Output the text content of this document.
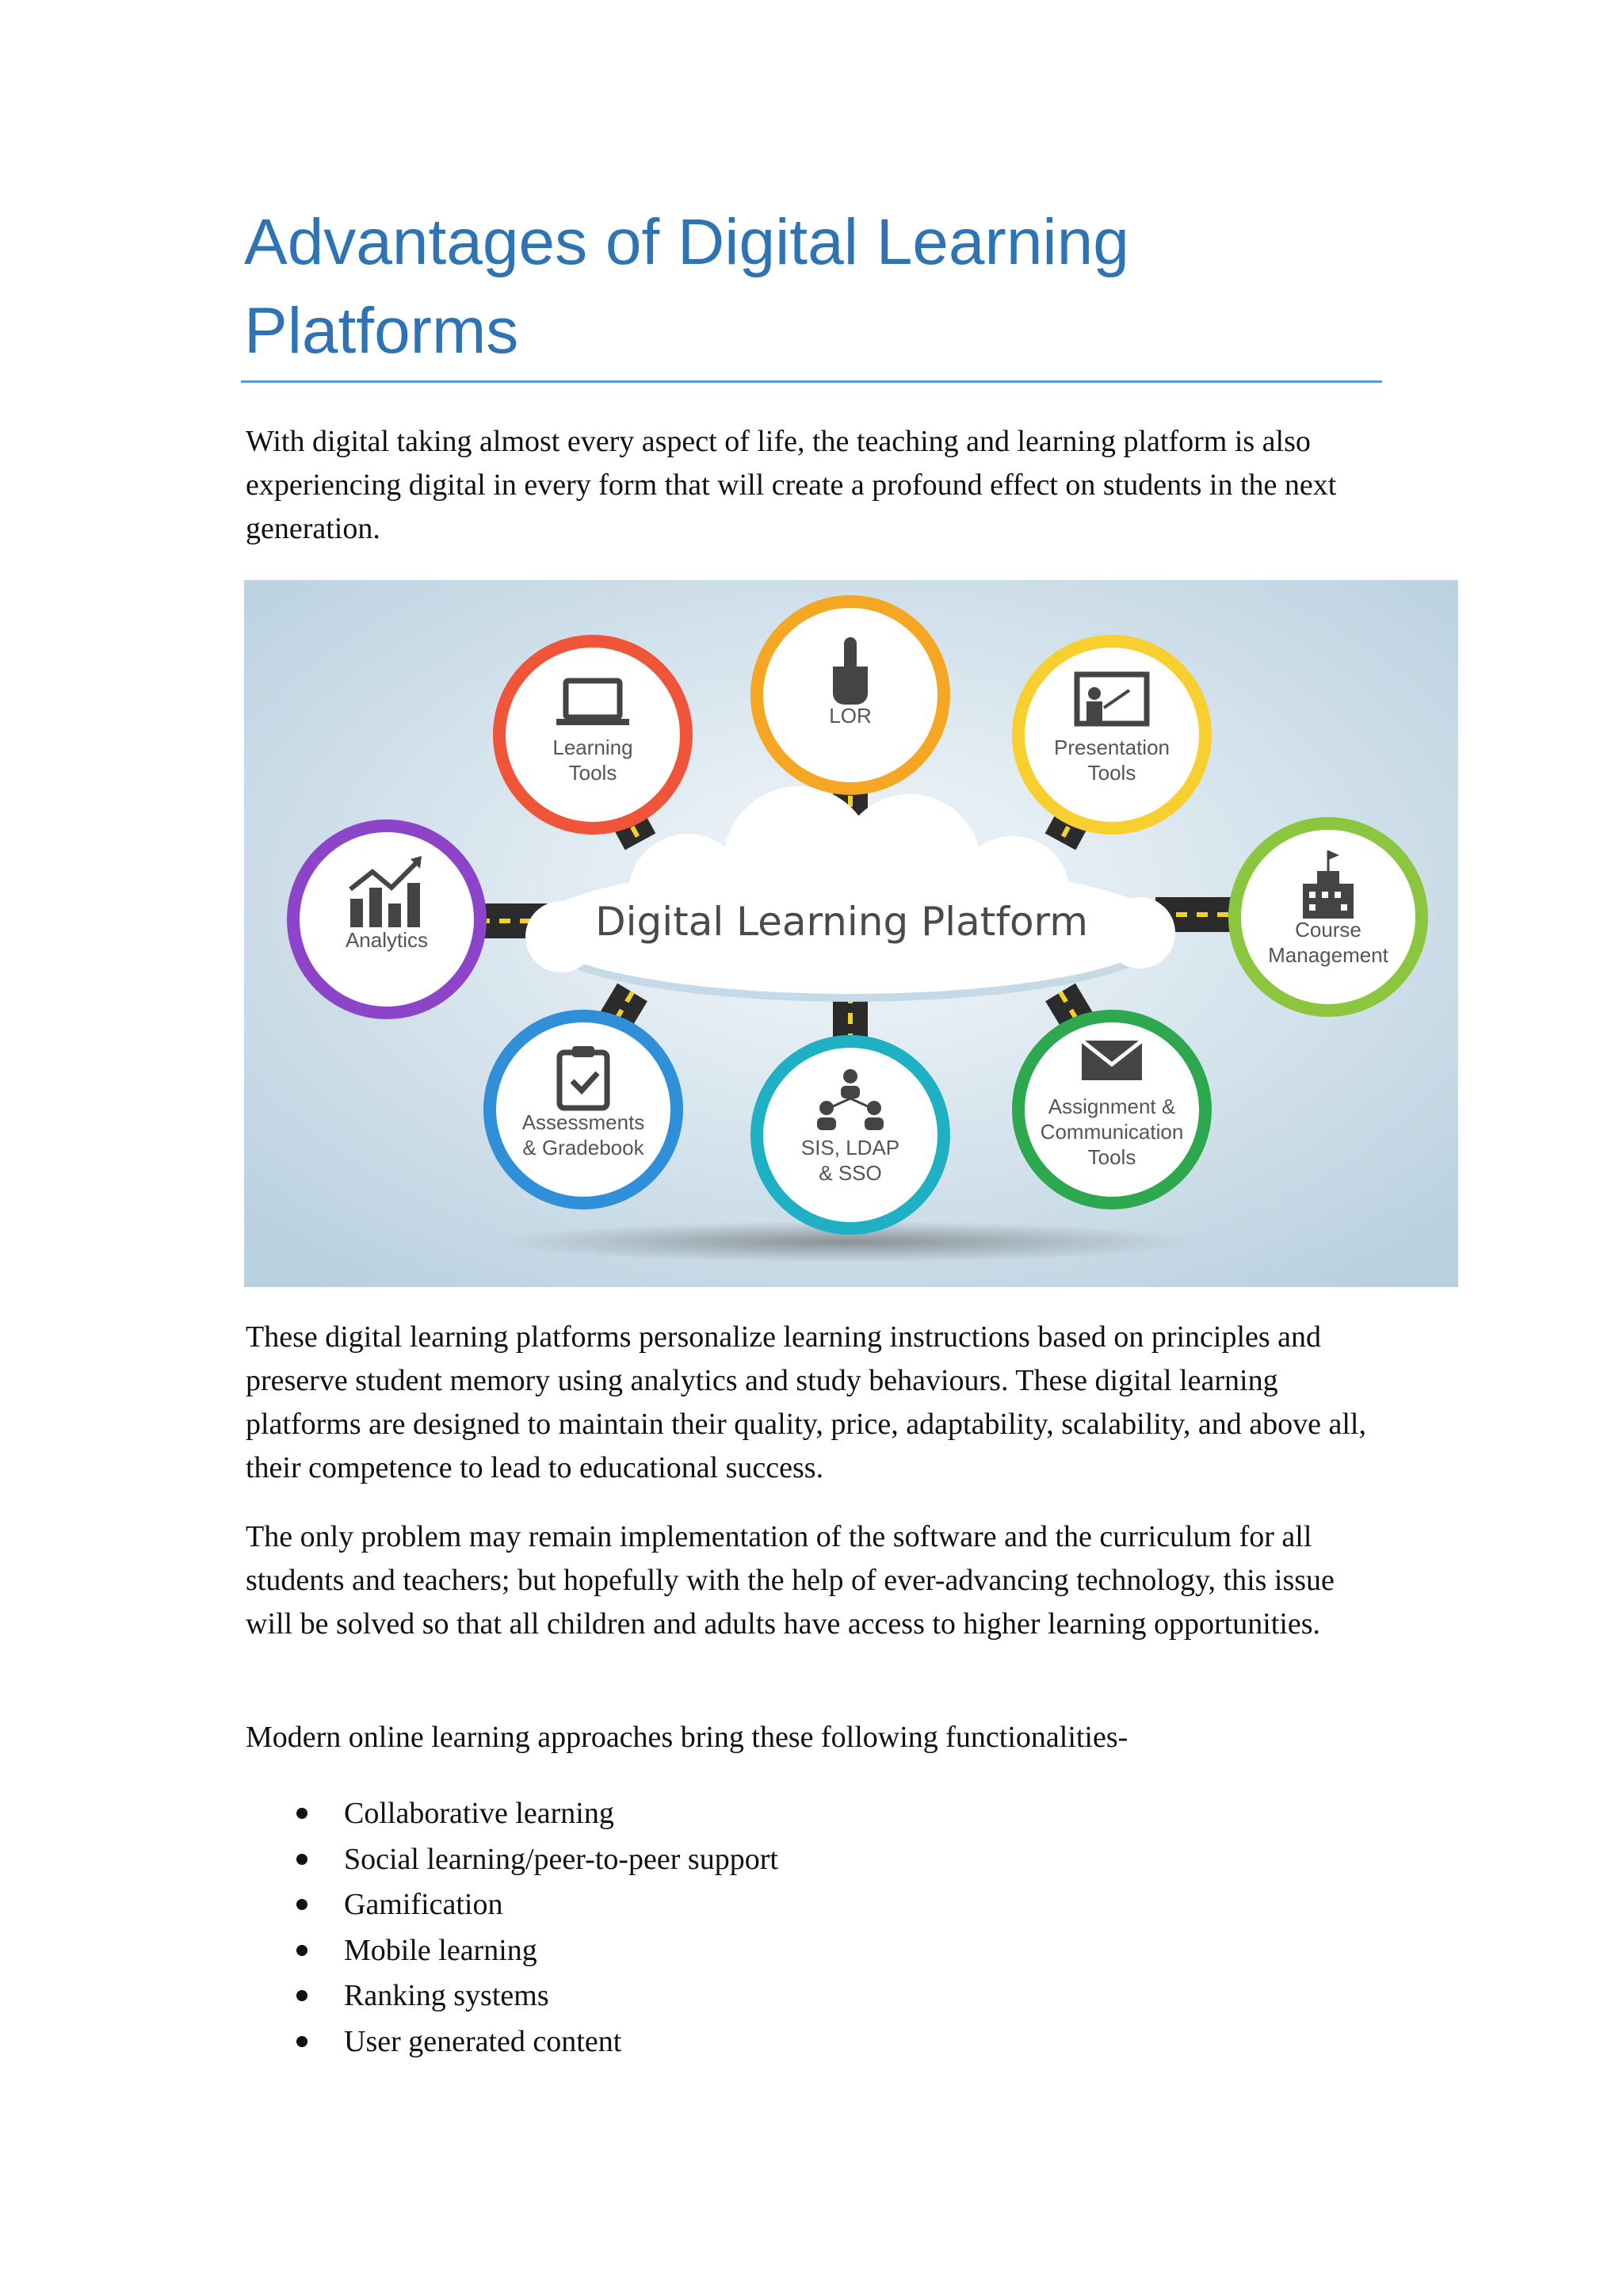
Advantages of Digital Learning Platforms

With digital taking almost every aspect of life, the teaching and learning platform is also experiencing digital in every form that will create a profound effect on students in the next generation.

Digital Learning Platform
Learning
Tools
LOR
Presentation
Tools
Analytics	Course
Management
Assessments
& Gradebook	SIS, LDAP
& SSO
Assignment &
Communication
Tools

These digital learning platforms personalize learning instructions based on principles and preserve student memory using analytics and study behaviours. These digital learning platforms are designed to maintain their quality, price, adaptability, scalability, and above all, their competence to lead to educational success.

The only problem may remain implementation of the software and the curriculum for all students and teachers; but hopefully with the help of ever-advancing technology, this issue will be solved so that all children and adults have access to higher learning opportunities.

Modern online learning approaches bring these following functionalities-

Collaborative learning
Social learning/peer-to-peer support
Gamification
Mobile learning
Ranking systems
User generated content
